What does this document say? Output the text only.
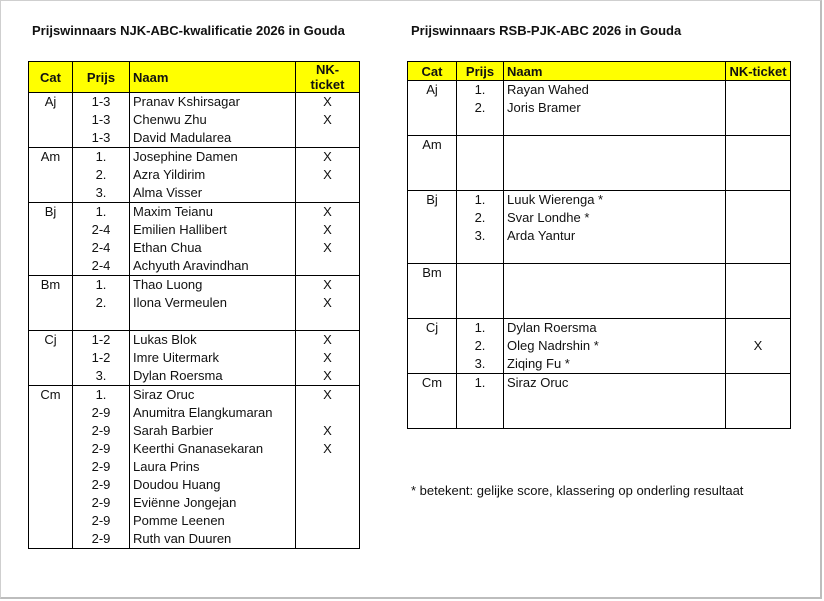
Prijswinnaars NJK-ABC-kwalificatie 2026 in Gouda	Prijswinnaars RSB-PJK-ABC 2026 in Gouda
Cat	Prijs	Naam	NK-ticket
Aj	1-3	Pranav Kshirsagar	X
	1-3	Chenwu Zhu	X
	1-3	David Madularea	
Am	1.	Josephine Damen	X
	2.	Azra Yildirim	X
	3.	Alma Visser	
Bj	1.	Maxim Teianu	X
	2-4	Emilien Hallibert	X
	2-4	Ethan Chua	X
	2-4	Achyuth Aravindhan	
Bm	1.	Thao Luong	X
	2.	Ilona Vermeulen	X

Cj	1-2	Lukas Blok	X
	1-2	Imre Uitermark	X
	3.	Dylan Roersma	X
Cm	1.	Siraz Oruc	X
	2-9	Anumitra Elangkumaran	
	2-9	Sarah Barbier	X
	2-9	Keerthi Gnanasekaran	X
	2-9	Laura Prins	
	2-9	Doudou Huang	
	2-9	Eviënne Jongejan	
	2-9	Pomme Leenen	
	2-9	Ruth van Duuren	
Cat	Prijs	Naam	NK-ticket
Aj	1.	Rayan Wahed	
	2.	Joris Bramer	

Am			

Bj	1.	Luuk Wierenga *	
	2.	Svar Londhe *	
	3.	Arda Yantur	

Bm			

Cj	1.	Dylan Roersma	
	2.	Oleg Nadrshin *	X
	3.	Ziqing Fu *	
Cm	1.	Siraz Oruc	

* betekent: gelijke score, klassering op onderling resultaat
